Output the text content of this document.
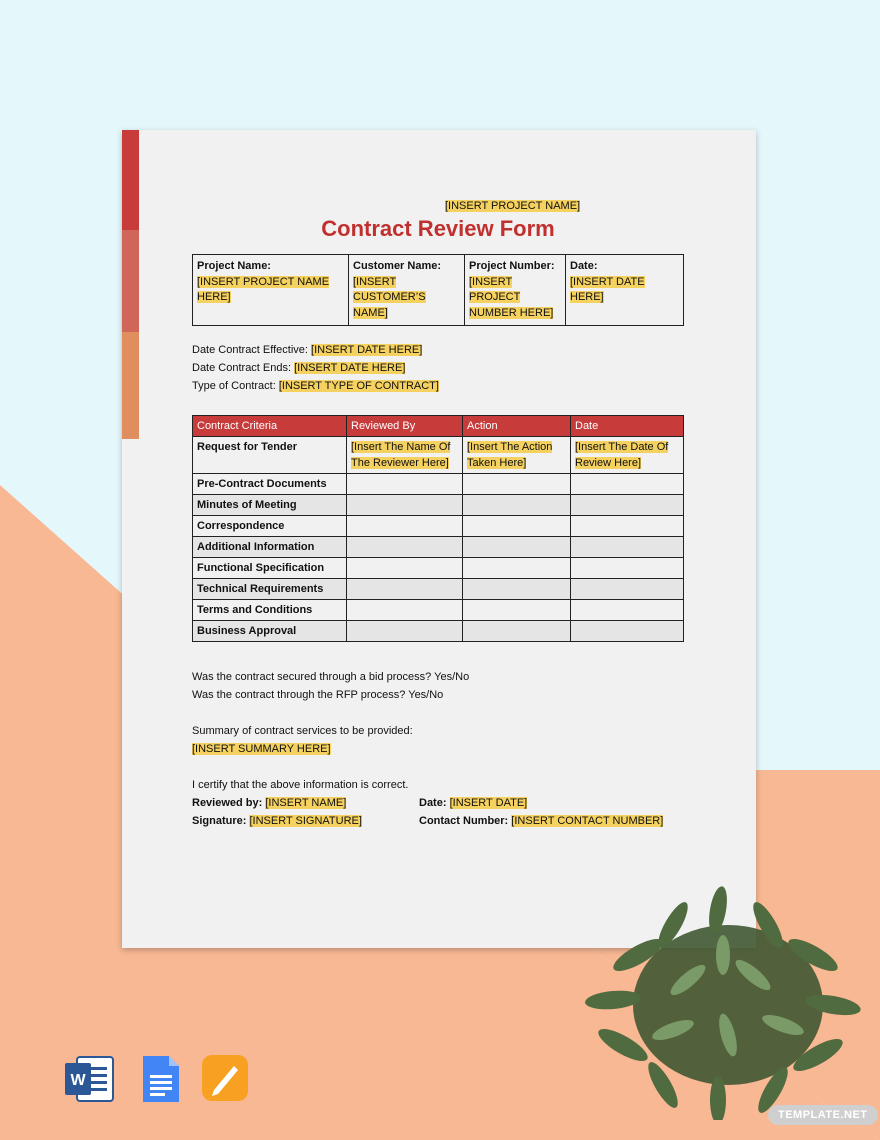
[INSERT PROJECT NAME]
Contract Review Form
Project Name:
[INSERT PROJECT NAME HERE]	
Customer Name:
[INSERT CUSTOMER’S NAME]	
Project Number:
[INSERT PROJECT NUMBER HERE]	
Date:
[INSERT DATE HERE]
Date Contract Effective: [INSERT DATE HERE]
Date Contract Ends: [INSERT DATE HERE]
Type of Contract: [INSERT TYPE OF CONTRACT]
Contract Criteria	Reviewed By	Action	Date
Request for Tender	[Insert The Name Of The Reviewer Here]	[Insert The Action Taken Here]	[Insert The Date Of Review Here]
Pre-Contract Documents			
Minutes of Meeting			
Correspondence			
Additional Information			
Functional Specification			
Technical Requirements			
Terms and Conditions			
Business Approval			
Was the contract secured through a bid process? Yes/No
Was the contract through the RFP process? Yes/No
Summary of contract services to be provided:
[INSERT SUMMARY HERE]
I certify that the above information is correct.
Reviewed by: [INSERT NAME]	Date: [INSERT DATE]
Signature: [INSERT SIGNATURE]	Contact Number: [INSERT CONTACT NUMBER]
W
TEMPLATE.NET
